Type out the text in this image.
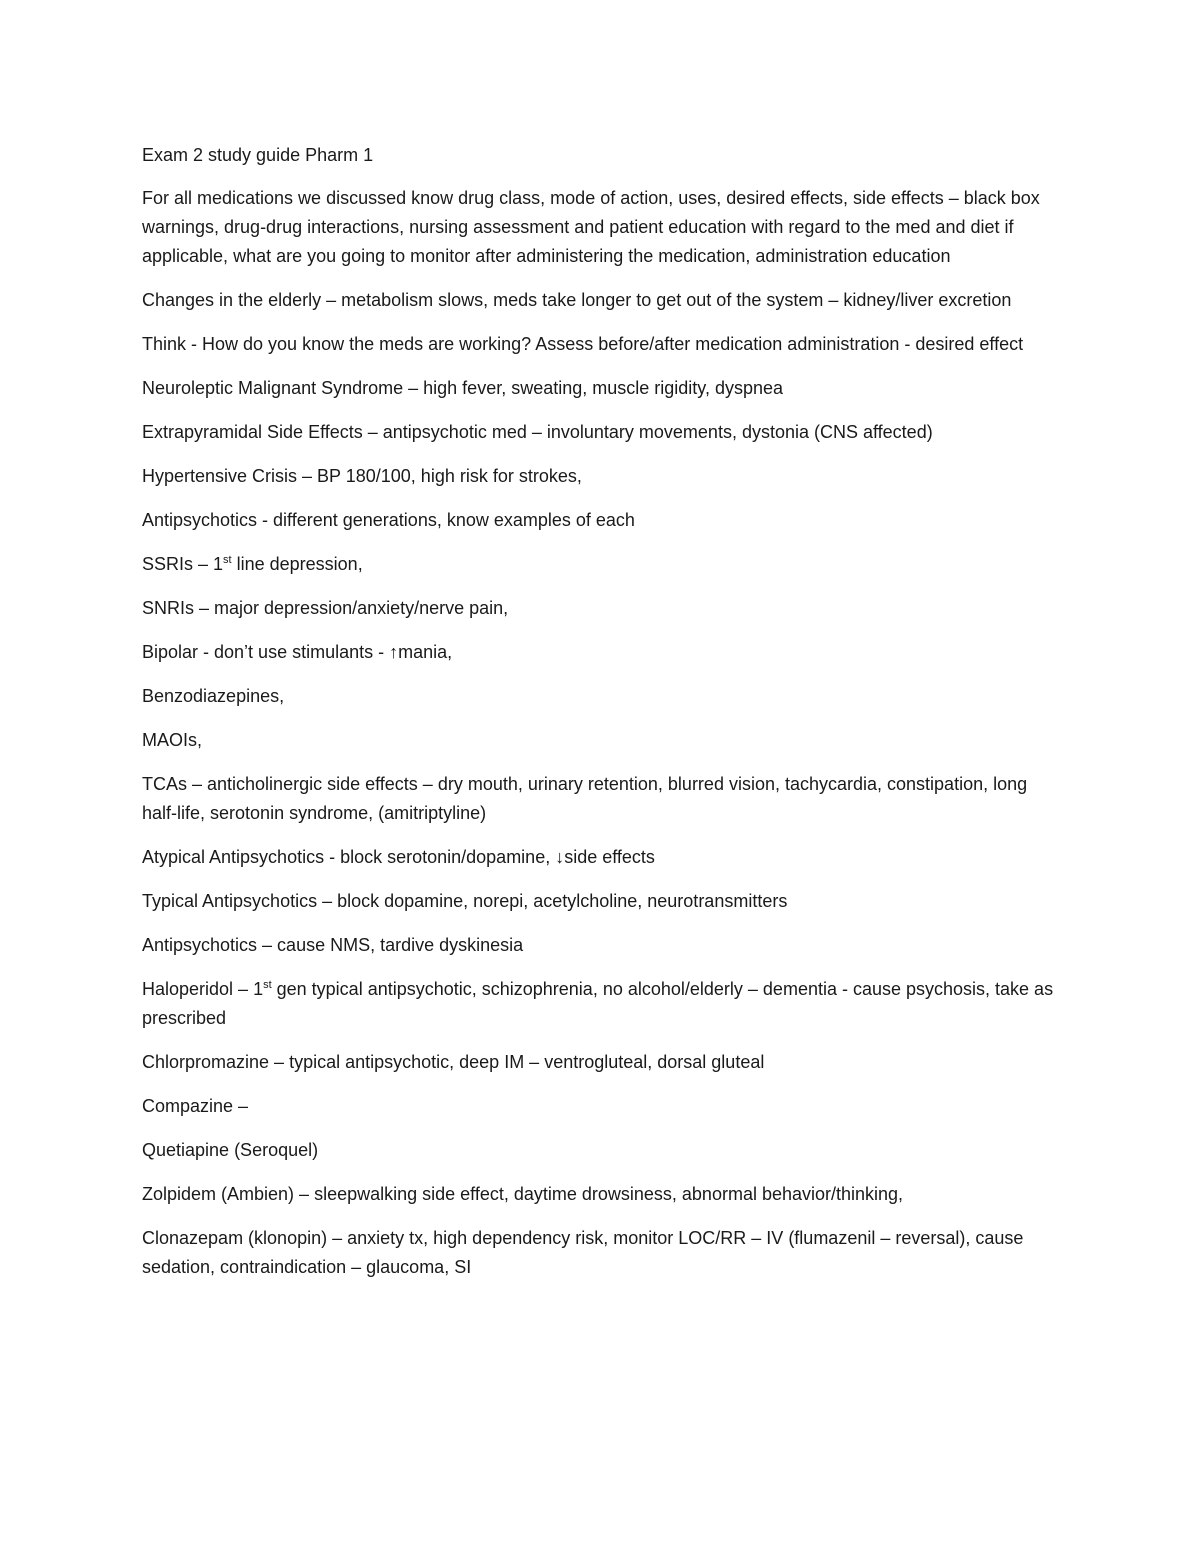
Exam 2 study guide Pharm 1

For all medications we discussed know drug class, mode of action, uses, desired effects, side effects – black box warnings, drug-drug interactions, nursing assessment and patient education with regard to the med and diet if applicable, what are you going to monitor after administering the medication, administration education

Changes in the elderly – metabolism slows, meds take longer to get out of the system – kidney/liver excretion

Think - How do you know the meds are working? Assess before/after medication administration - desired effect

Neuroleptic Malignant Syndrome – high fever, sweating, muscle rigidity, dyspnea

Extrapyramidal Side Effects – antipsychotic med – involuntary movements, dystonia (CNS affected)

Hypertensive Crisis – BP 180/100, high risk for strokes,

Antipsychotics - different generations, know examples of each

SSRIs – 1st line depression,

SNRIs – major depression/anxiety/nerve pain,

Bipolar - don’t use stimulants - ↑mania,

Benzodiazepines,

MAOIs,

TCAs – anticholinergic side effects – dry mouth, urinary retention, blurred vision, tachycardia, constipation, long half-life, serotonin syndrome, (amitriptyline)

Atypical Antipsychotics - block serotonin/dopamine, ↓side effects

Typical Antipsychotics – block dopamine, norepi, acetylcholine, neurotransmitters

Antipsychotics – cause NMS, tardive dyskinesia

Haloperidol – 1st gen typical antipsychotic, schizophrenia, no alcohol/elderly – dementia - cause psychosis, take as prescribed

Chlorpromazine – typical antipsychotic, deep IM – ventrogluteal, dorsal gluteal

Compazine –

Quetiapine (Seroquel)

Zolpidem (Ambien) – sleepwalking side effect, daytime drowsiness, abnormal behavior/thinking,

Clonazepam (klonopin) – anxiety tx, high dependency risk, monitor LOC/RR – IV (flumazenil – reversal), cause sedation, contraindication – glaucoma, SI
